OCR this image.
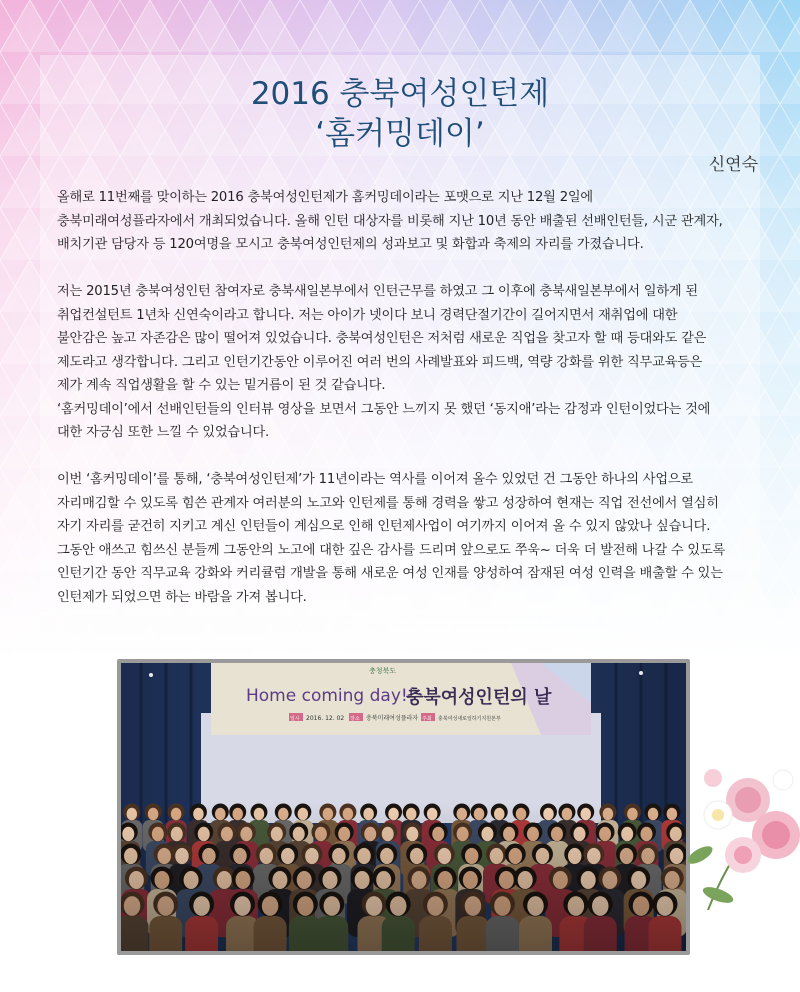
2016 충북여성인턴제
‘홈커밍데이’
신연숙
올해로 11번째를 맞이하는 2016 충북여성인턴제가 홈커밍데이라는 포맷으로 지난 12월 2일에
충북미래여성플라자에서 개최되었습니다. 올해 인턴 대상자를 비롯해 지난 10년 동안 배출된 선배인턴들, 시군 관계자,
배치기관 담당자 등 120여명을 모시고 충북여성인턴제의 성과보고 및 화합과 축제의 자리를 가졌습니다.
저는 2015년 충북여성인턴 참여자로 충북새일본부에서 인턴근무를 하였고 그 이후에 충북새일본부에서 일하게 된
취업컨설턴트 1년차 신연숙이라고 합니다. 저는 아이가 넷이다 보니 경력단절기간이 길어지면서 재취업에 대한
불안감은 높고 자존감은 많이 떨어져 있었습니다. 충북여성인턴은 저처럼 새로운 직업을 찾고자 할 때 등대와도 같은
제도라고 생각합니다. 그리고 인턴기간동안 이루어진 여러 번의 사례발표와 피드백, 역량 강화를 위한 직무교육등은
제가 계속 직업생활을 할 수 있는 밑거름이 된 것 같습니다.
‘홈커밍데이’에서 선배인턴들의 인터뷰 영상을 보면서 그동안 느끼지 못 했던 ‘동지애’라는 감정과 인턴이었다는 것에
대한 자긍심 또한 느낄 수 있었습니다.
이번 ‘홈커밍데이’를 통해, ‘충북여성인턴제’가 11년이라는 역사를 이어져 올수 있었던 건 그동안 하나의 사업으로
자리매김할 수 있도록 힘쓴 관계자 여러분의 노고와 인턴제를 통해 경력을 쌓고 성장하여 현재는 직업 전선에서 열심히
자기 자리를 굳건히 지키고 계신 인턴들이 계심으로 인해 인턴제사업이 여기까지 이어져 올 수 있지 않았나 싶습니다.
그동안 애쓰고 힘쓰신 분들께 그동안의 노고에 대한 깊은 감사를 드리며 앞으로도 쭈욱~ 더욱 더 발전해 나갈 수 있도록
인턴기간 동안 직무교육 강화와 커리큘럼 개발을 통해 새로운 여성 인재를 양성하여 잠재된 여성 인력을 배출할 수 있는
인턴제가 되었으면 하는 바람을 가져 봅니다.
충청북도
Home coming day!!
충북여성인턴의 날
일시 2016. 12. 02 장소 충북미래여성플라자 주최 충북여성새로일하기지원본부
